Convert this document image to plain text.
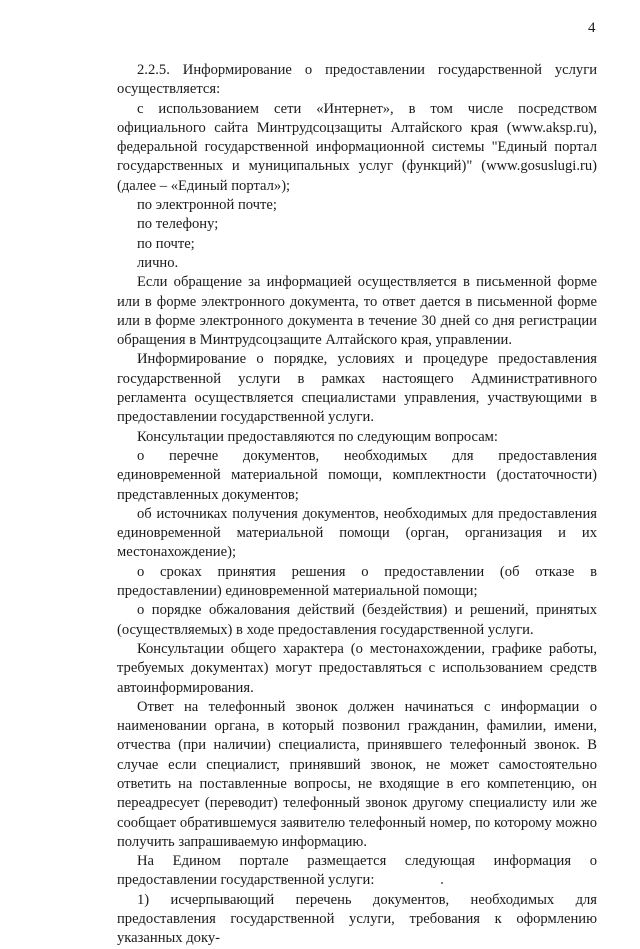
4

2.2.5. Информирование о предоставлении государственной услуги осуществляется:

с использованием сети «Интернет», в том числе посредством официального сайта Минтрудсоцзащиты Алтайского края (www.aksp.ru), федеральной государственной информационной системы "Единый портал государственных и муниципальных услуг (функций)" (www.gosuslugi.ru) (далее – «Единый портал»);

по электронной почте;

по телефону;

по почте;

лично.

Если обращение за информацией осуществляется в письменной форме или в форме электронного документа, то ответ дается в письменной форме или в форме электронного документа в течение 30 дней со дня регистрации обращения в Минтрудсоцзащите Алтайского края, управлении.

Информирование о порядке, условиях и процедуре предоставления государственной услуги в рамках настоящего Административного регламента осуществляется специалистами управления, участвующими в предоставлении государственной услуги.

Консультации предоставляются по следующим вопросам:

о перечне документов, необходимых для предоставления единовременной материальной помощи, комплектности (достаточности) представленных документов;

об источниках получения документов, необходимых для предоставления единовременной материальной помощи (орган, организация и их местонахождение);

о сроках принятия решения о предоставлении (об отказе в предоставлении) единовременной материальной помощи;

о порядке обжалования действий (бездействия) и решений, принятых (осуществляемых) в ходе предоставления государственной услуги.

Консультации общего характера (о местонахождении, графике работы, требуемых документах) могут предоставляться с использованием средств автоинформирования.

Ответ на телефонный звонок должен начинаться с информации о наименовании органа, в который позвонил гражданин, фамилии, имени, отчества (при наличии) специалиста, принявшего телефонный звонок. В случае если специалист, принявший звонок, не может самостоятельно ответить на поставленные вопросы, не входящие в его компетенцию, он переадресует (переводит) телефонный звонок другому специалисту или же сообщает обратившемуся заявителю телефонный номер, по которому можно получить запрашиваемую информацию.

На Едином портале размещается следующая информация о предоставлении государственной услуги:

1) исчерпывающий перечень документов, необходимых для предоставления государственной услуги, требования к оформлению указанных доку-
